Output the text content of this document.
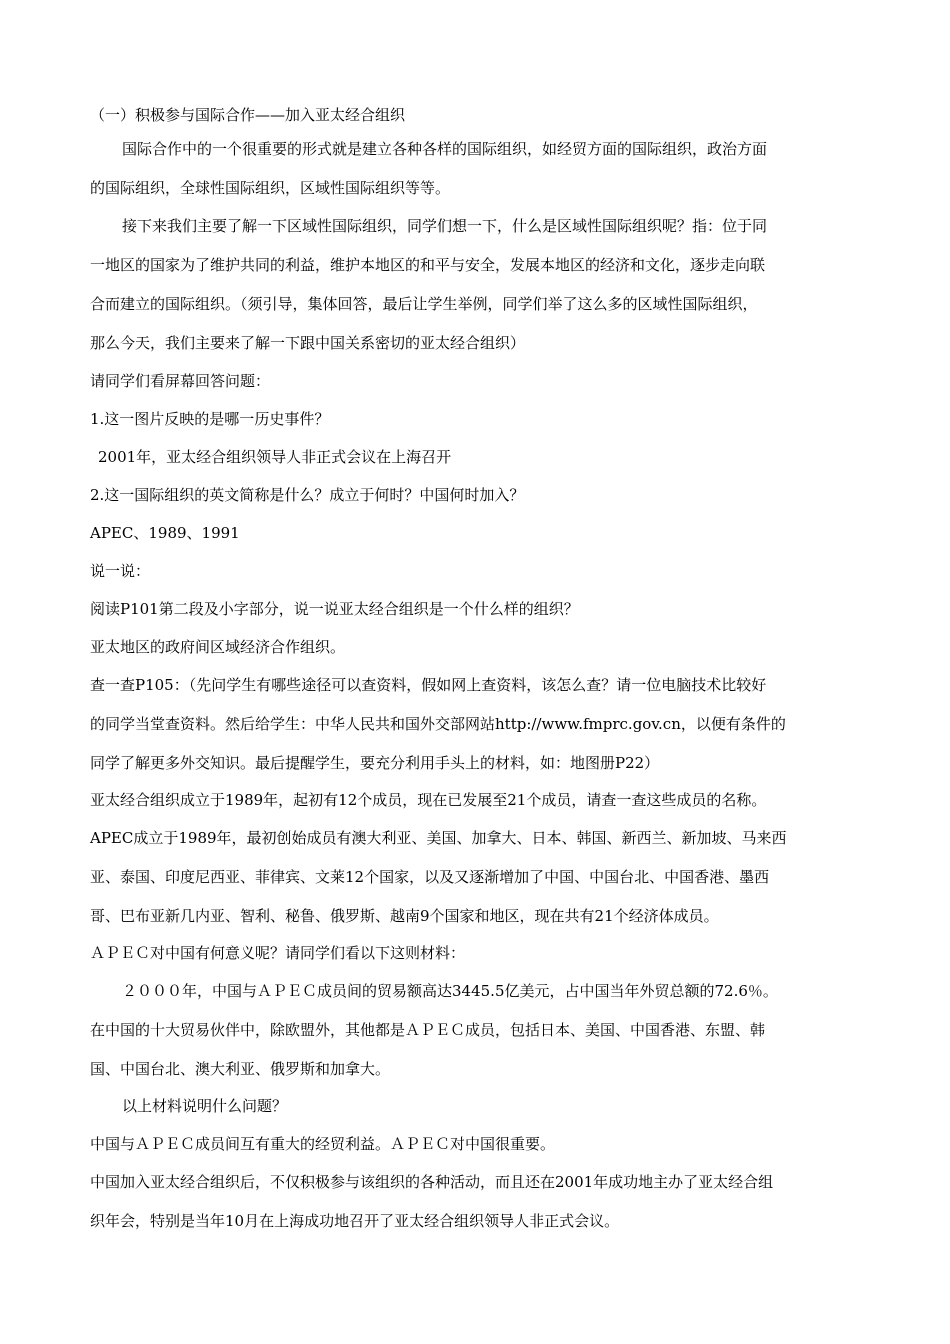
（一）积极参与国际合作——加入亚太经合组织

国际合作中的一个很重要的形式就是建立各种各样的国际组织，如经贸方面的国际组织，政治方面
的国际组织，全球性国际组织，区域性国际组织等等。
接下来我们主要了解一下区域性国际组织，同学们想一下，什么是区域性国际组织呢？指：位于同
一地区的国家为了维护共同的利益，维护本地区的和平与安全，发展本地区的经济和文化，逐步走向联
合而建立的国际组织。（须引导，集体回答，最后让学生举例，同学们举了这么多的区域性国际组织，
那么今天，我们主要来了解一下跟中国关系密切的亚太经合组织）

请同学们看屏幕回答问题：

1.这一图片反映的是哪一历史事件？

2001年，亚太经合组织领导人非正式会议在上海召开

2.这一国际组织的英文简称是什么？成立于何时？中国何时加入？

APEC、1989、1991

说一说：

阅读P101第二段及小字部分，说一说亚太经合组织是一个什么样的组织？

亚太地区的政府间区域经济合作组织。

查一查P105：（先问学生有哪些途径可以查资料，假如网上查资料，该怎么查？请一位电脑技术比较好
的同学当堂查资料。然后给学生：中华人民共和国外交部网站http://www.fmprc.gov.cn，以便有条件的
同学了解更多外交知识。最后提醒学生，要充分利用手头上的材料，如：地图册P22）

亚太经合组织成立于1989年，起初有12个成员，现在已发展至21个成员，请查一查这些成员的名称。

APEC成立于1989年，最初创始成员有澳大利亚、美国、加拿大、日本、韩国、新西兰、新加坡、马来西
亚、泰国、印度尼西亚、菲律宾、文莱12个国家，以及又逐渐增加了中国、中国台北、中国香港、墨西
哥、巴布亚新几内亚、智利、秘鲁、俄罗斯、越南9个国家和地区，现在共有21个经济体成员。

ＡＰＥＣ对中国有何意义呢？请同学们看以下这则材料：

２０００年，中国与ＡＰＥＣ成员间的贸易额高达3445.5亿美元，占中国当年外贸总额的72.6％。
在中国的十大贸易伙伴中，除欧盟外，其他都是ＡＰＥＣ成员，包括日本、美国、中国香港、东盟、韩
国、中国台北、澳大利亚、俄罗斯和加拿大。

以上材料说明什么问题？

中国与ＡＰＥＣ成员间互有重大的经贸利益。ＡＰＥＣ对中国很重要。

中国加入亚太经合组织后，不仅积极参与该组织的各种活动，而且还在2001年成功地主办了亚太经合组
织年会，特别是当年10月在上海成功地召开了亚太经合组织领导人非正式会议。
